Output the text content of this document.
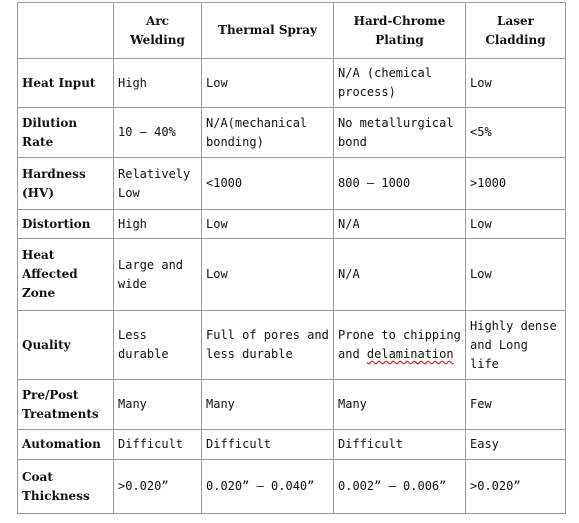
	Arc Welding	Thermal Spray	Hard-Chrome Plating	Laser Cladding
Heat Input	High	Low	N/A (chemical process)	Low
Dilution Rate	10 – 40%	N/A(mechanical bonding)	No metallurgical bond	<5%
Hardness (HV)	Relatively Low	<1000	800 – 1000	>1000
Distortion	High	Low	N/A	Low
Heat Affected Zone	Large and wide	Low	N/A	Low
Quality	Less durable	Full of pores and less durable	Prone to chipping and delamination	Highly dense and Long life
Pre/Post Treatments	Many	Many	Many	Few
Automation	Difficult	Difficult	Difficult	Easy
Coat Thickness	>0.020”	0.020” – 0.040”	0.002” – 0.006”	>0.020”
